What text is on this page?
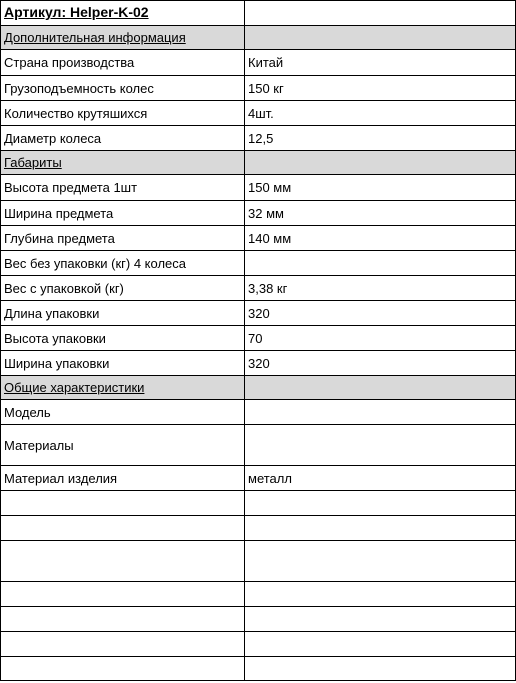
Артикул: Helper-K-02	
Дополнительная информация	
Страна производства	Китай
Грузоподъемность колес	150 кг
Количество крутяшихся	4шт.
Диаметр колеса	12,5
Габариты	
Высота предмета 1шт	150 мм
Ширина предмета	32 мм
Глубина предмета	140 мм
Вес без упаковки (кг) 4 колеса	
Вес с упаковкой (кг)	3,38 кг
Длина упаковки	320
Высота упаковки	70
Ширина упаковки	320
Общие характеристики	
Модель	
Материалы	
Материал изделия	металл
